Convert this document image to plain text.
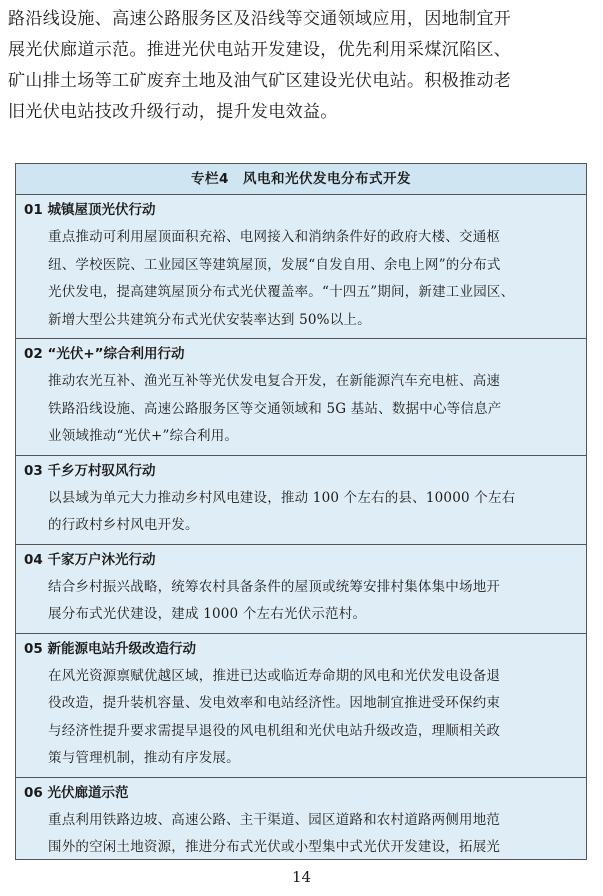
路沿线设施、高速公路服务区及沿线等交通领域应用，因地制宜开
展光伏廊道示范。推进光伏电站开发建设，优先利用采煤沉陷区、
矿山排土场等工矿废弃土地及油气矿区建设光伏电站。积极推动老
旧光伏电站技改升级行动，提升发电效益。
专栏4　风电和光伏发电分布式开发
01 城镇屋顶光伏行动
重点推动可利用屋顶面积充裕、电网接入和消纳条件好的政府大楼、交通枢
纽、学校医院、工业园区等建筑屋顶，发展“自发自用、余电上网”的分布式
光伏发电，提高建筑屋顶分布式光伏覆盖率。“十四五”期间，新建工业园区、
新增大型公共建筑分布式光伏安装率达到 50%以上。
02 “光伏+”综合利用行动
推动农光互补、渔光互补等光伏发电复合开发，在新能源汽车充电桩、高速
铁路沿线设施、高速公路服务区等交通领域和 5G 基站、数据中心等信息产
业领域推动“光伏+”综合利用。
03 千乡万村驭风行动
以县域为单元大力推动乡村风电建设，推动 100 个左右的县、10000 个左右
的行政村乡村风电开发。
04 千家万户沐光行动
结合乡村振兴战略，统筹农村具备条件的屋顶或统筹安排村集体集中场地开
展分布式光伏建设，建成 1000 个左右光伏示范村。
05 新能源电站升级改造行动
在风光资源禀赋优越区域，推进已达或临近寿命期的风电和光伏发电设备退
役改造，提升装机容量、发电效率和电站经济性。因地制宜推进受环保约束
与经济性提升要求需提早退役的风电机组和光伏电站升级改造，理顺相关政
策与管理机制，推动有序发展。
06 光伏廊道示范
重点利用铁路边坡、高速公路、主干渠道、园区道路和农村道路两侧用地范
围外的空闲土地资源，推进分布式光伏或小型集中式光伏开发建设，拓展光
14
